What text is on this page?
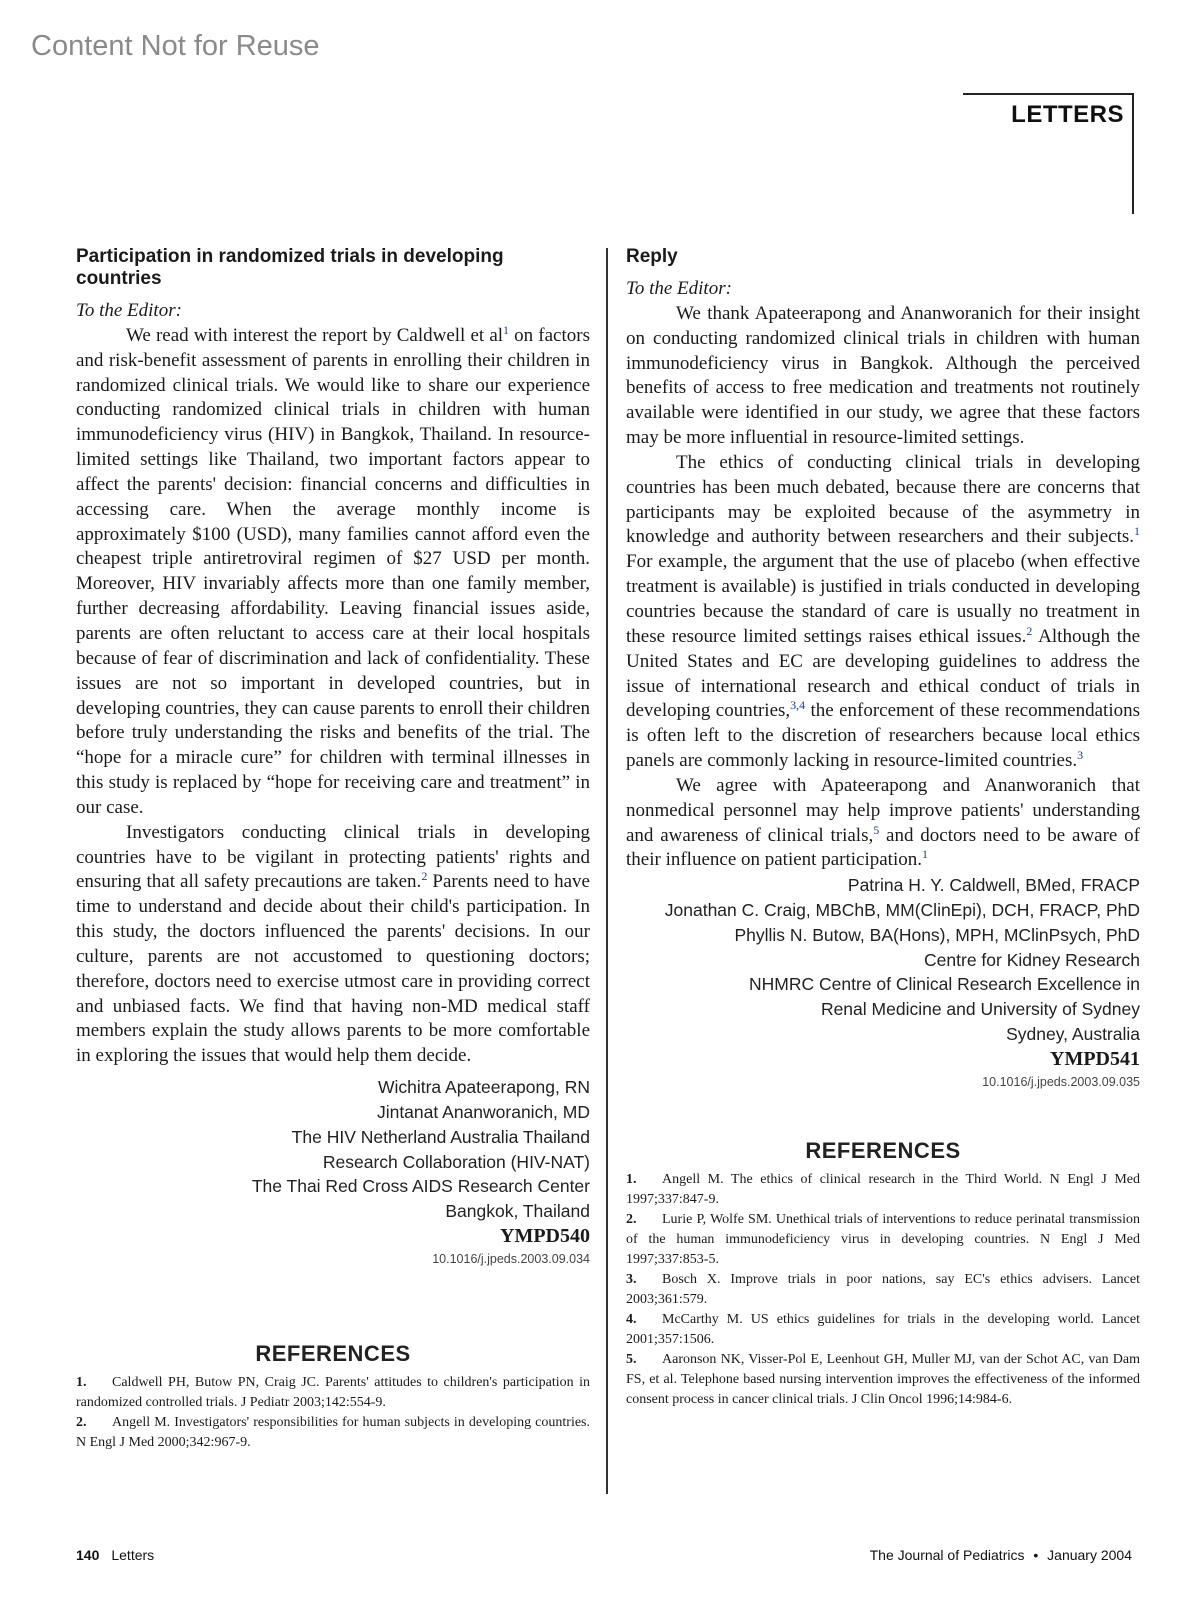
Content Not for Reuse
LETTERS
Participation in randomized trials in developing countries

To the Editor:

We read with interest the report by Caldwell et $al^1$ on factors and risk-benefit assessment of parents in enrolling their children in randomized clinical trials. We would like to share our experience conducting randomized clinical trials in children with human immunodeficiency virus (HIV) in Bangkok, Thailand. In resource-limited settings like Thailand, two important factors appear to affect the parents' decision: financial concerns and difficulties in accessing care. When the average monthly income is approximately $100 (USD), many families cannot afford even the cheapest triple antiretroviral regimen of $27 USD per month. Moreover, HIV invariably affects more than one family member, further decreasing affordability. Leaving financial issues aside, parents are often reluctant to access care at their local hospitals because of fear of discrimination and lack of confidentiality. These issues are not so important in developed countries, but in developing countries, they can cause parents to enroll their children before truly understanding the risks and benefits of the trial. The “hope for a miracle cure” for children with terminal illnesses in this study is replaced by “hope for receiving care and treatment” in our case.

Investigators conducting clinical trials in developing countries have to be vigilant in protecting patients' rights and ensuring that all safety precautions are taken.$^2$ Parents need to have time to understand and decide about their child's participation. In this study, the doctors influenced the parents' decisions. In our culture, parents are not accustomed to questioning doctors; therefore, doctors need to exercise utmost care in providing correct and unbiased facts. We find that having non-MD medical staff members explain the study allows parents to be more comfortable in exploring the issues that would help them decide.

Wichitra Apateerapong, RN
Jintanat Ananworanich, MD
The HIV Netherland Australia Thailand
Research Collaboration (HIV-NAT)
The Thai Red Cross AIDS Research Center
Bangkok, Thailand
YMPD540
10.1016/j.jpeds.2003.09.034
REFERENCES
1. Caldwell PH, Butow PN, Craig JC. Parents' attitudes to children's participation in randomized controlled trials. J Pediatr 2003;142:554-9.
2. Angell M. Investigators' responsibilities for human subjects in developing countries. N Engl J Med 2000;342:967-9.
Reply

To the Editor:

We thank Apateerapong and Ananworanich for their insight on conducting randomized clinical trials in children with human immunodeficiency virus in Bangkok. Although the perceived benefits of access to free medication and treatments not routinely available were identified in our study, we agree that these factors may be more influential in resource-limited settings.

The ethics of conducting clinical trials in developing countries has been much debated, because there are concerns that participants may be exploited because of the asymmetry in knowledge and authority between researchers and their subjects.$^1$ For example, the argument that the use of placebo (when effective treatment is available) is justified in trials conducted in developing countries because the standard of care is usually no treatment in these resource limited settings raises ethical issues.$^2$ Although the United States and EC are developing guidelines to address the issue of international research and ethical conduct of trials in developing countries,$^{3,4}$ the enforcement of these recommendations is often left to the discretion of researchers because local ethics panels are commonly lacking in resource-limited countries.$^3$

We agree with Apateerapong and Ananworanich that nonmedical personnel may help improve patients' understanding and awareness of clinical trials,$^5$ and doctors need to be aware of their influence on patient participation.$^1$

Patrina H. Y. Caldwell, BMed, FRACP
Jonathan C. Craig, MBChB, MM(ClinEpi), DCH, FRACP, PhD
Phyllis N. Butow, BA(Hons), MPH, MClinPsych, PhD
Centre for Kidney Research
NHMRC Centre of Clinical Research Excellence in
Renal Medicine and University of Sydney
Sydney, Australia
YMPD541
10.1016/j.jpeds.2003.09.035
REFERENCES
1. Angell M. The ethics of clinical research in the Third World. N Engl J Med 1997;337:847-9.
2. Lurie P, Wolfe SM. Unethical trials of interventions to reduce perinatal transmission of the human immunodeficiency virus in developing countries. N Engl J Med 1997;337:853-5.
3. Bosch X. Improve trials in poor nations, say EC's ethics advisers. Lancet 2003;361:579.
4. McCarthy M. US ethics guidelines for trials in the developing world. Lancet 2001;357:1506.
5. Aaronson NK, Visser-Pol E, Leenhout GH, Muller MJ, van der Schot AC, van Dam FS, et al. Telephone based nursing intervention improves the effectiveness of the informed consent process in cancer clinical trials. J Clin Oncol 1996;14:984-6.
140 Letters	The Journal of Pediatrics • January 2004
